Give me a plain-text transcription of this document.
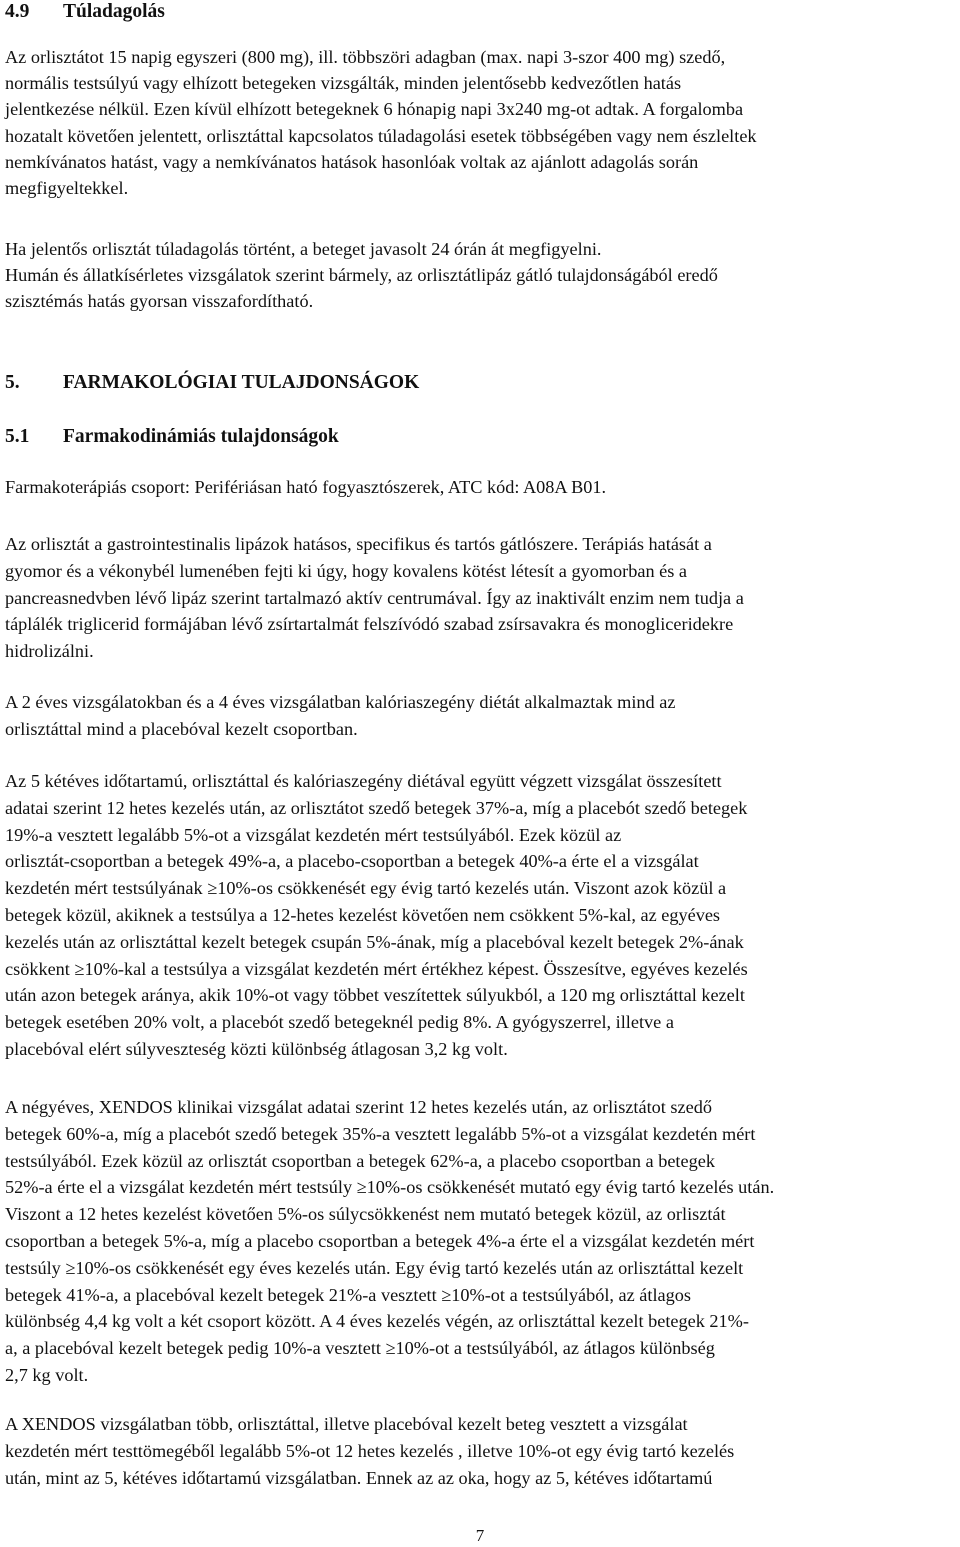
4.9 Túladagolás
Az orlisztátot 15 napig egyszeri (800 mg), ill. többszöri adagban (max. napi 3-szor 400 mg) szedő,
normális testsúlyú vagy elhízott betegeken vizsgálták, minden jelentősebb kedvezőtlen hatás
jelentkezése nélkül. Ezen kívül elhízott betegeknek 6 hónapig napi 3x240 mg-ot adtak. A forgalomba
hozatalt követően jelentett, orlisztáttal kapcsolatos túladagolási esetek többségében vagy nem észleltek
nemkívánatos hatást, vagy a nemkívánatos hatások hasonlóak voltak az ajánlott adagolás során
megfigyeltekkel.
Ha jelentős orlisztát túladagolás történt, a beteget javasolt 24 órán át megfigyelni.
Humán és állatkísérletes vizsgálatok szerint bármely, az orlisztátlipáz gátló tulajdonságából eredő
szisztémás hatás gyorsan visszafordítható.
5. FARMAKOLÓGIAI TULAJDONSÁGOK
5.1 Farmakodinámiás tulajdonságok
Farmakoterápiás csoport: Perifériásan ható fogyasztószerek, ATC kód: A08A B01.
Az orlisztát a gastrointestinalis lipázok hatásos, specifikus és tartós gátlószere. Terápiás hatását a
gyomor és a vékonybél lumenében fejti ki úgy, hogy kovalens kötést létesít a gyomorban és a
pancreasnedvben lévő lipáz szerint tartalmazó aktív centrumával. Így az inaktivált enzim nem tudja a
táplálék triglicerid formájában lévő zsírtartalmát felszívódó szabad zsírsavakra és monogliceridekre
hidrolizálni.
A 2 éves vizsgálatokban és a 4 éves vizsgálatban kalóriaszegény diétát alkalmaztak mind az
orlisztáttal mind a placebóval kezelt csoportban.
Az 5 kétéves időtartamú, orlisztáttal és kalóriaszegény diétával együtt végzett vizsgálat összesített
adatai szerint 12 hetes kezelés után, az orlisztátot szedő betegek 37%-a, míg a placebót szedő betegek
19%-a vesztett legalább 5%-ot a vizsgálat kezdetén mért testsúlyából. Ezek közül az
orlisztát-csoportban a betegek 49%-a, a placebo-csoportban a betegek 40%-a érte el a vizsgálat
kezdetén mért testsúlyának ≥10%-os csökkenését egy évig tartó kezelés után. Viszont azok közül a
betegek közül, akiknek a testsúlya a 12-hetes kezelést követően nem csökkent 5%-kal, az egyéves
kezelés után az orlisztáttal kezelt betegek csupán 5%-ának, míg a placebóval kezelt betegek 2%-ának
csökkent ≥10%-kal a testsúlya a vizsgálat kezdetén mért értékhez képest. Összesítve, egyéves kezelés
után azon betegek aránya, akik 10%-ot vagy többet veszítettek súlyukból, a 120 mg orlisztáttal kezelt
betegek esetében 20% volt, a placebót szedő betegeknél pedig 8%. A gyógyszerrel, illetve a
placebóval elért súlyveszteség közti különbség átlagosan 3,2 kg volt.
A négyéves, XENDOS klinikai vizsgálat adatai szerint 12 hetes kezelés után, az orlisztátot szedő
betegek 60%-a, míg a placebót szedő betegek 35%-a vesztett legalább 5%-ot a vizsgálat kezdetén mért
testsúlyából. Ezek közül az orlisztát csoportban a betegek 62%-a, a placebo csoportban a betegek
52%-a érte el a vizsgálat kezdetén mért testsúly ≥10%-os csökkenését mutató egy évig tartó kezelés után.
Viszont a 12 hetes kezelést követően 5%-os súlycsökkenést nem mutató betegek közül, az orlisztát
csoportban a betegek 5%-a, míg a placebo csoportban a betegek 4%-a érte el a vizsgálat kezdetén mért
testsúly ≥10%-os csökkenését egy éves kezelés után. Egy évig tartó kezelés után az orlisztáttal kezelt
betegek 41%-a, a placebóval kezelt betegek 21%-a vesztett ≥10%-ot a testsúlyából, az átlagos
különbség 4,4 kg volt a két csoport között. A 4 éves kezelés végén, az orlisztáttal kezelt betegek 21%-
a, a placebóval kezelt betegek pedig 10%-a vesztett ≥10%-ot a testsúlyából, az átlagos különbség
2,7 kg volt.
A XENDOS vizsgálatban több, orlisztáttal, illetve placebóval kezelt beteg vesztett a vizsgálat
kezdetén mért testtömegéből legalább 5%-ot 12 hetes kezelés , illetve 10%-ot egy évig tartó kezelés
után, mint az 5, kétéves időtartamú vizsgálatban. Ennek az az oka, hogy az 5, kétéves időtartamú
7
